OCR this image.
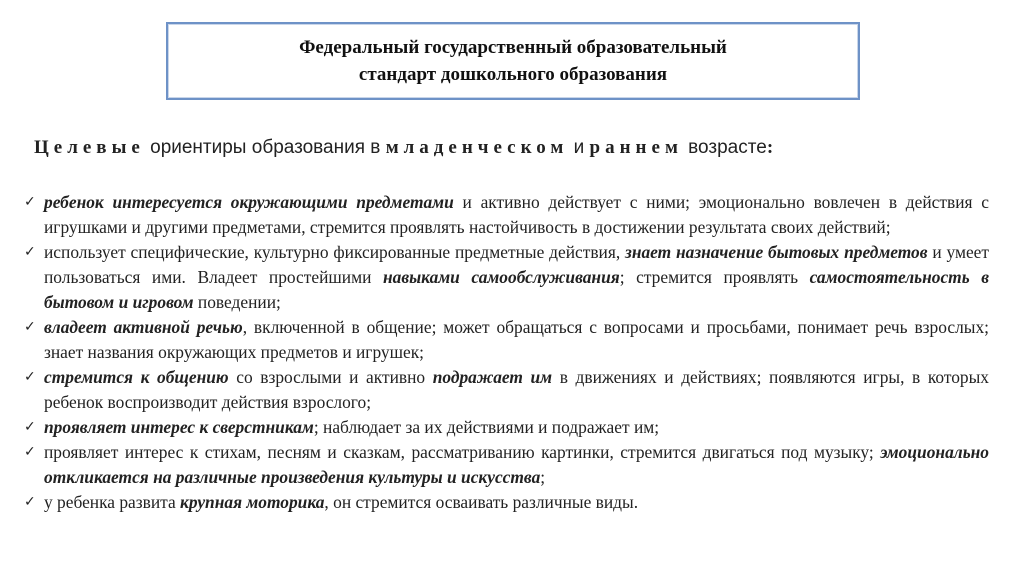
Федеральный государственный образовательный
стандарт дошкольного образования
Целевые ориентиры образования в младенческом и раннем возрасте:
✓ ребенок интересуется окружающими предметами и активно действует с ними; эмоционально вовлечен в действия с игрушками и другими предметами, стремится проявлять настойчивость в достижении результата своих действий;
✓ использует специфические, культурно фиксированные предметные действия, знает назначение бытовых предметов и умеет пользоваться ими. Владеет простейшими навыками самообслуживания; стремится проявлять самостоятельность в бытовом и игровом поведении;
✓ владеет активной речью, включенной в общение; может обращаться с вопросами и просьбами, понимает речь взрослых; знает названия окружающих предметов и игрушек;
✓ стремится к общению со взрослыми и активно подражает им в движениях и действиях; появляются игры, в которых ребенок воспроизводит действия взрослого;
✓ проявляет интерес к сверстникам; наблюдает за их действиями и подражает им;
✓ проявляет интерес к стихам, песням и сказкам, рассматриванию картинки, стремится двигаться под музыку; эмоционально откликается на различные произведения культуры и искусства;
✓ у ребенка развита крупная моторика, он стремится осваивать различные виды.
